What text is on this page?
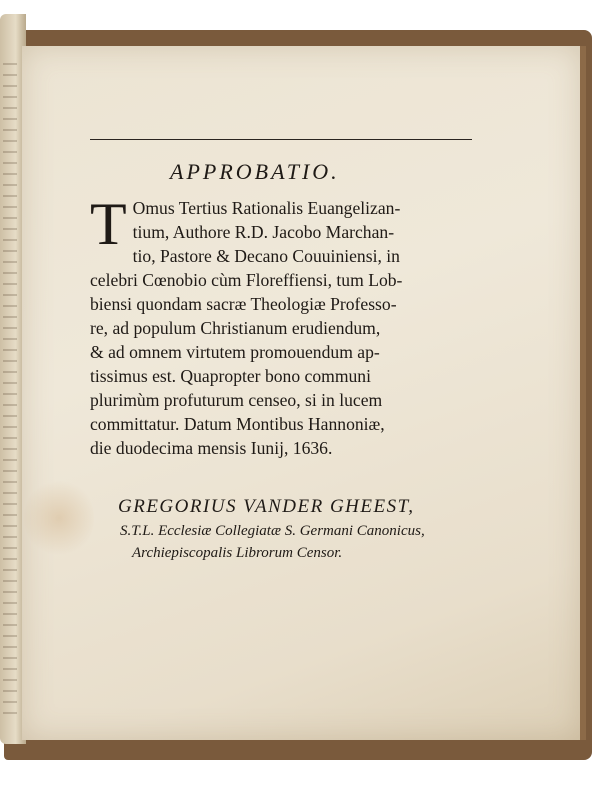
APPROBATIO.
T Omus Tertius Rationalis Euangelizan-
tium, Authore R.D. Jacobo Marchan-
tio, Pastore & Decano Couuiniensi, in
celebri Cœnobio cùm Floreffiensi, tum Lob-
biensi quondam sacræ Theologiæ Professo-
re, ad populum Christianum erudiendum,
& ad omnem virtutem promouendum ap-
tissimus est. Quapropter bono communi
plurimùm profuturum censeo, si in lucem
committatur. Datum Montibus Hannoniæ,
die duodecima mensis Iunij, 1636.
GREGORIUS VANDER GHEEST,
S.T.L. Ecclesiæ Collegiatæ S. Germani Canonicus,
Archiepiscopalis Librorum Censor.
